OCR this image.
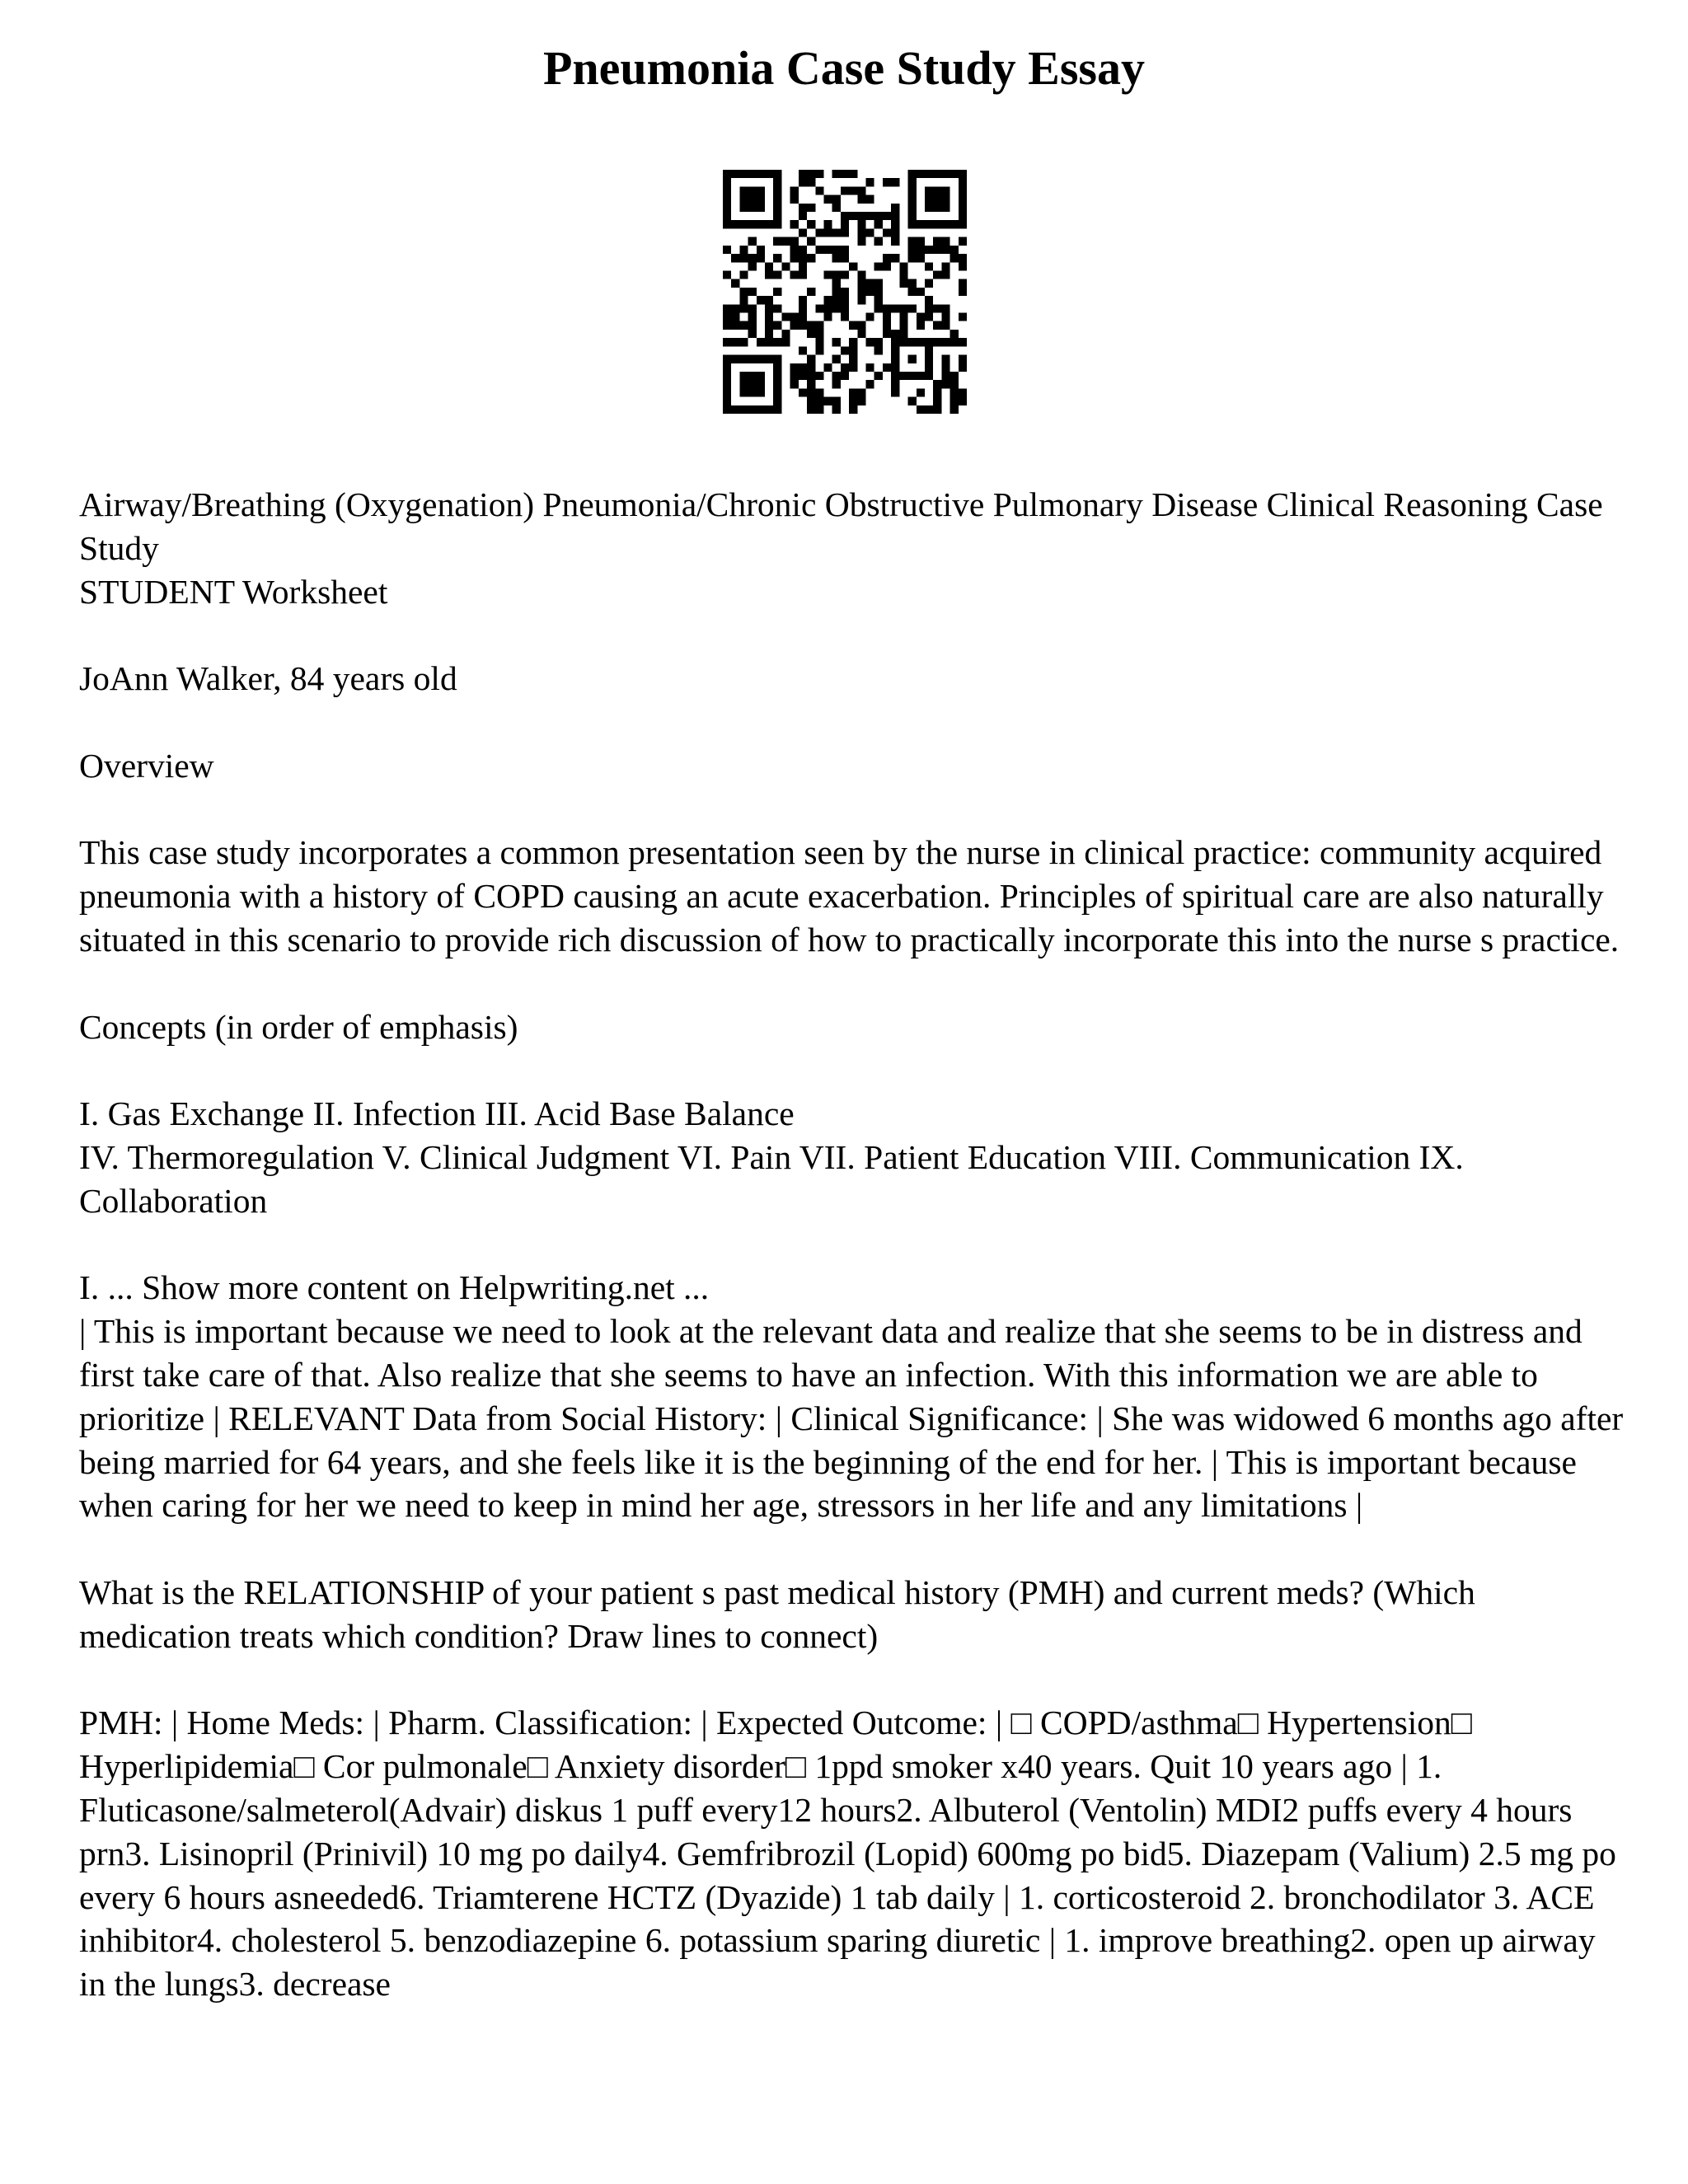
Pneumonia Case Study Essay

Airway/Breathing (Oxygenation) Pneumonia/Chronic Obstructive Pulmonary Disease Clinical Reasoning Case Study
STUDENT Worksheet

JoAnn Walker, 84 years old

Overview

This case study incorporates a common presentation seen by the nurse in clinical practice: community acquired pneumonia with a history of COPD causing an acute exacerbation. Principles of spiritual care are also naturally situated in this scenario to provide rich discussion of how to practically incorporate this into the nurse s practice.

Concepts (in order of emphasis)

I. Gas Exchange II. Infection III. Acid Base Balance
IV. Thermoregulation V. Clinical Judgment VI. Pain VII. Patient Education VIII. Communication IX. Collaboration

I. ... Show more content on Helpwriting.net ...
| This is important because we need to look at the relevant data and realize that she seems to be in distress and first take care of that. Also realize that she seems to have an infection. With this information we are able to prioritize | RELEVANT Data from Social History: | Clinical Significance: | She was widowed 6 months ago after being married for 64 years, and she feels like it is the beginning of the end for her. | This is important because when caring for her we need to keep in mind her age, stressors in her life and any limitations |

What is the RELATIONSHIP of your patient s past medical history (PMH) and current meds? (Which medication treats which condition? Draw lines to connect)

PMH: | Home Meds: | Pharm. Classification: | Expected Outcome: | □ COPD/asthma□ Hypertension□ Hyperlipidemia□ Cor pulmonale□ Anxiety disorder□ 1ppd smoker x40 years. Quit 10 years ago | 1. Fluticasone/salmeterol(Advair) diskus 1 puff every12 hours2. Albuterol (Ventolin) MDI2 puffs every 4 hours prn3. Lisinopril (Prinivil) 10 mg po daily4. Gemfribrozil (Lopid) 600mg po bid5. Diazepam (Valium) 2.5 mg po every 6 hours asneeded6. Triamterene HCTZ (Dyazide) 1 tab daily | 1. corticosteroid 2. bronchodilator 3. ACE inhibitor4. cholesterol 5. benzodiazepine 6. potassium sparing diuretic | 1. improve breathing2. open up airway in the lungs3. decrease
